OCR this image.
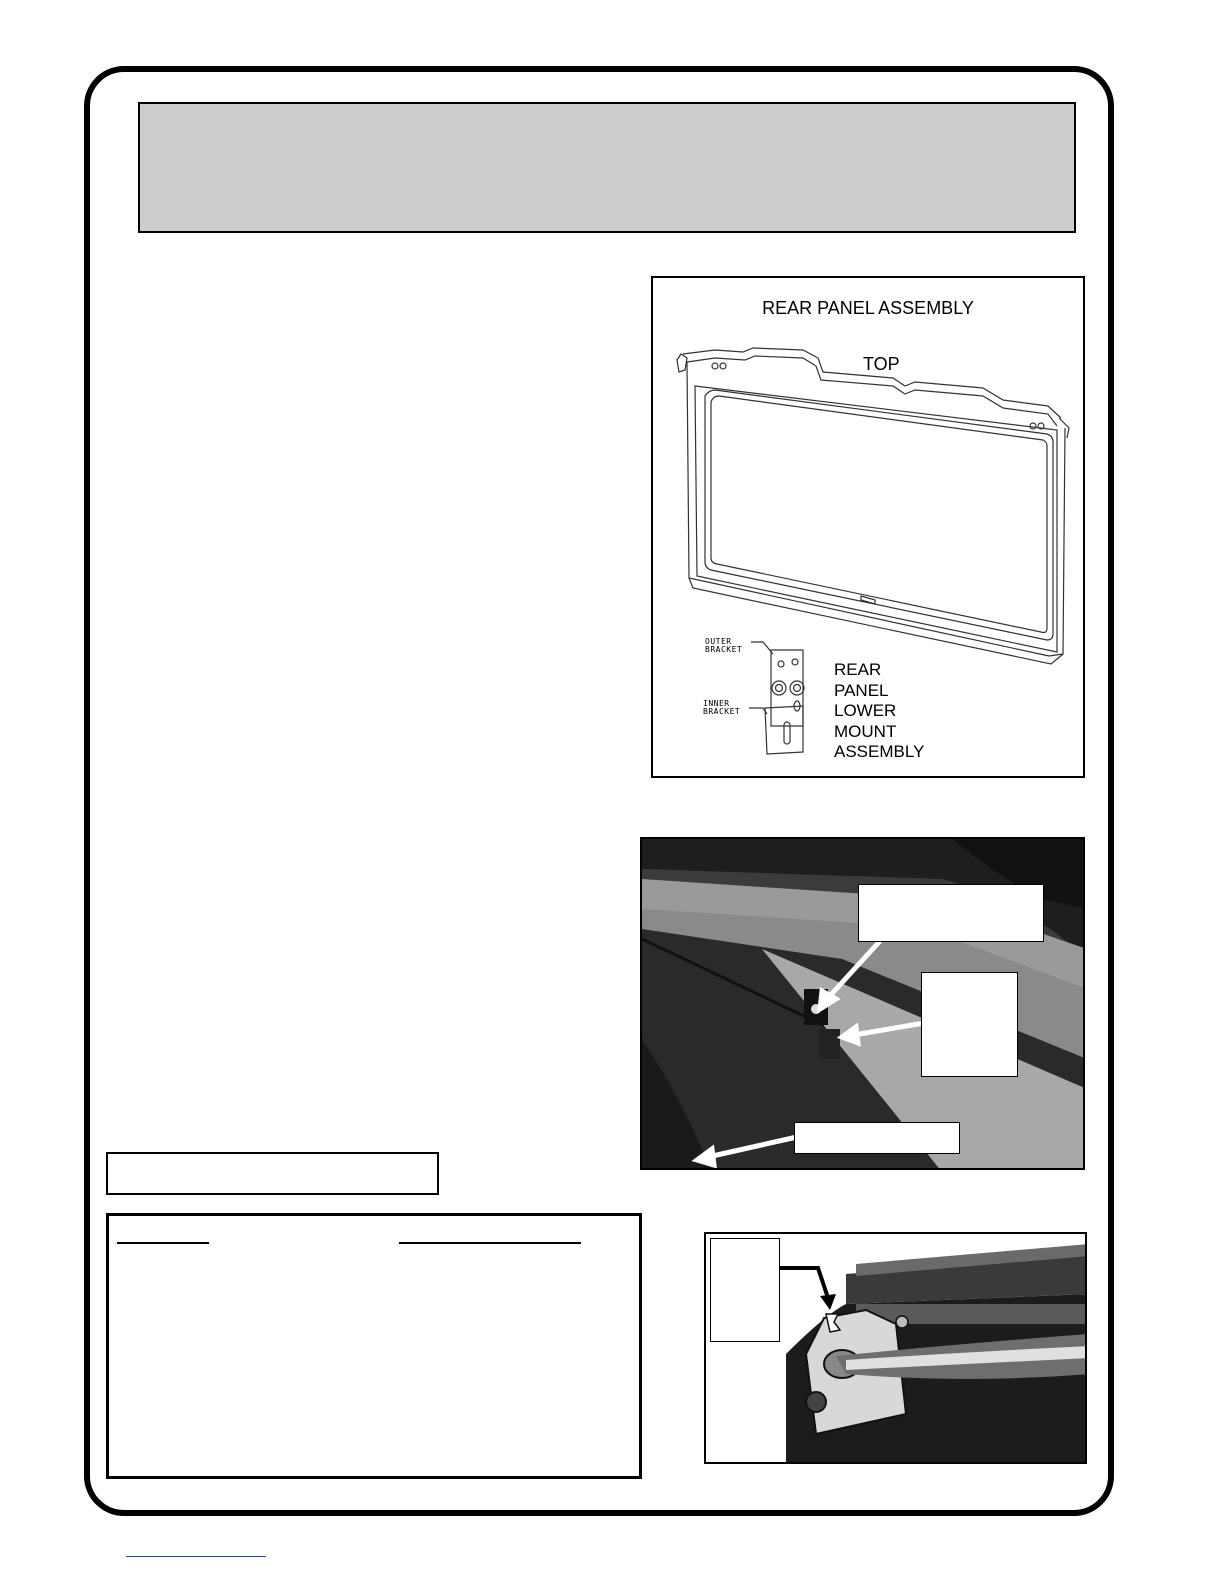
REAR PANEL ASSEMBLY
TOP
OUTER
BRACKET
INNER
BRACKET
REAR
PANEL
LOWER
MOUNT
ASSEMBLY
